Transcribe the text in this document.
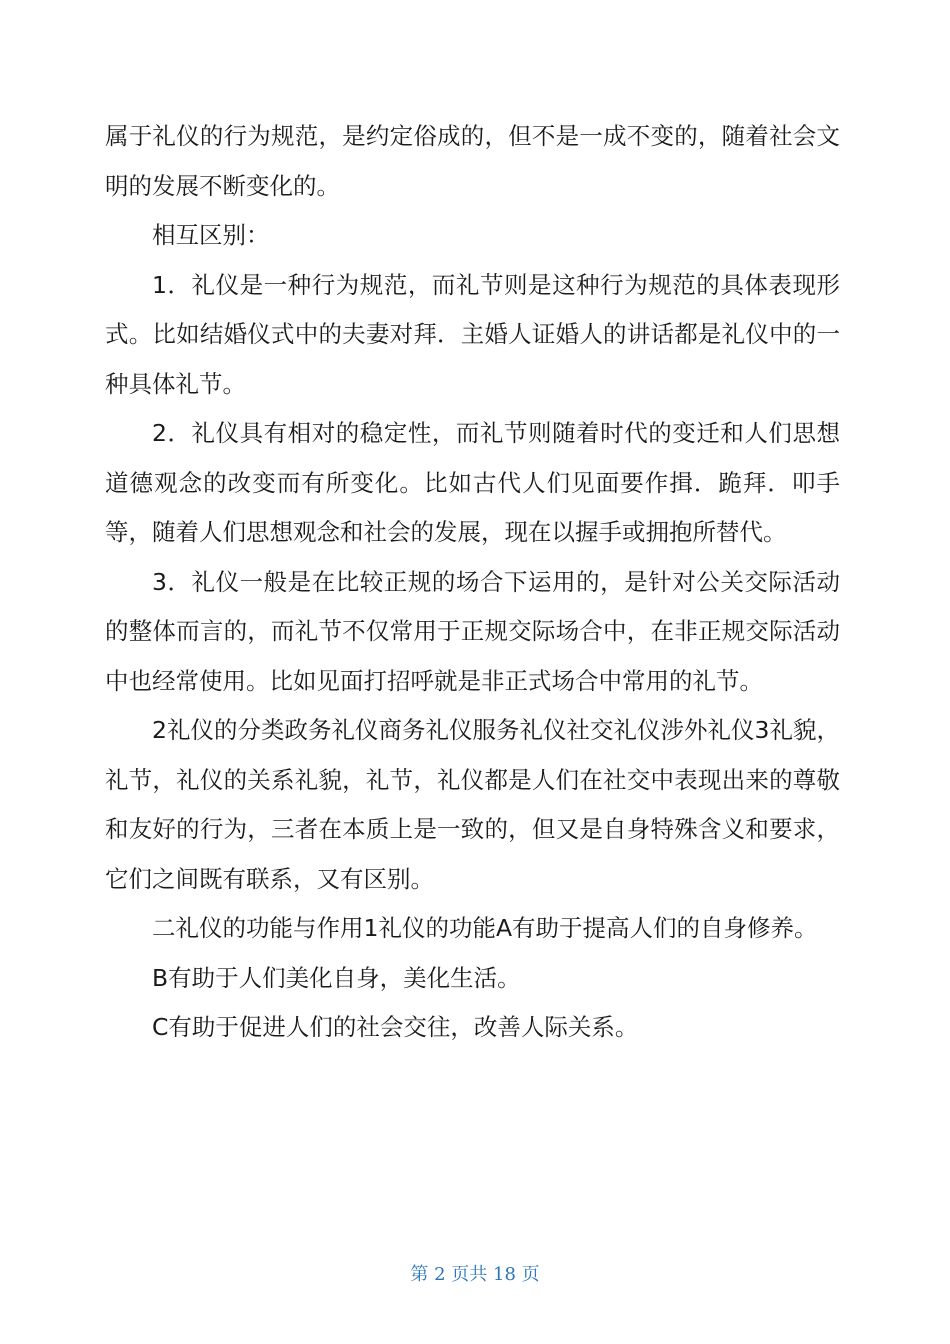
属于礼仪的行为规范，是约定俗成的，但不是一成不变的，随着社会文明的发展不断变化的。

相互区别：

1．礼仪是一种行为规范，而礼节则是这种行为规范的具体表现形式。比如结婚仪式中的夫妻对拜．主婚人证婚人的讲话都是礼仪中的一种具体礼节。

2．礼仪具有相对的稳定性，而礼节则随着时代的变迁和人们思想道德观念的改变而有所变化。比如古代人们见面要作揖．跪拜．叩手等，随着人们思想观念和社会的发展，现在以握手或拥抱所替代。

3．礼仪一般是在比较正规的场合下运用的，是针对公关交际活动的整体而言的，而礼节不仅常用于正规交际场合中，在非正规交际活动中也经常使用。比如见面打招呼就是非正式场合中常用的礼节。

2礼仪的分类政务礼仪商务礼仪服务礼仪社交礼仪涉外礼仪3礼貌，礼节，礼仪的关系礼貌，礼节，礼仪都是人们在社交中表现出来的尊敬和友好的行为，三者在本质上是一致的，但又是自身特殊含义和要求，它们之间既有联系，又有区别。

二礼仪的功能与作用1礼仪的功能A有助于提高人们的自身修养。

B有助于人们美化自身，美化生活。

C有助于促进人们的社会交往，改善人际关系。

第 2 页共 18 页
